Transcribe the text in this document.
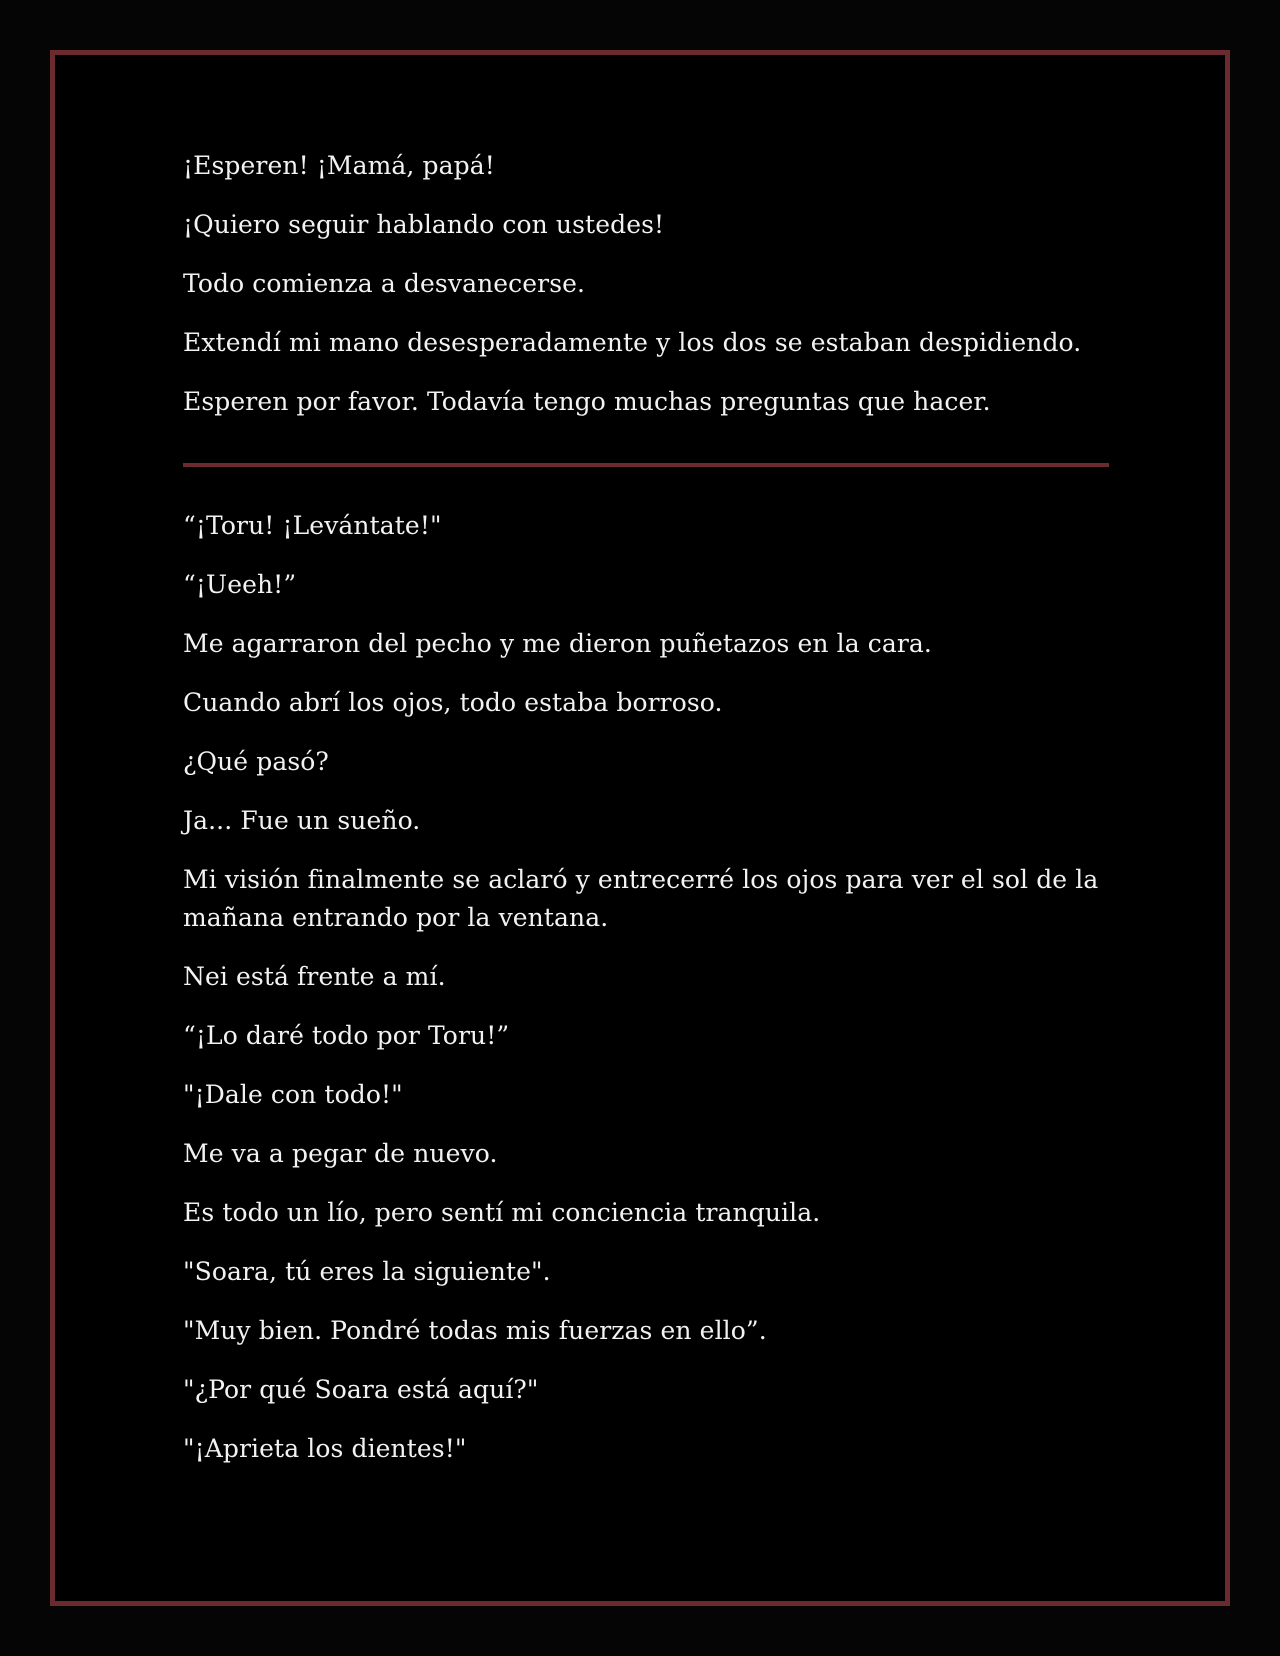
¡Esperen! ¡Mamá, papá!

¡Quiero seguir hablando con ustedes!

Todo comienza a desvanecerse.

Extendí mi mano desesperadamente y los dos se estaban despidiendo.

Esperen por favor. Todavía tengo muchas preguntas que hacer.

“¡Toru! ¡Levántate!"

“¡Ueeh!”

Me agarraron del pecho y me dieron puñetazos en la cara.

Cuando abrí los ojos, todo estaba borroso.

¿Qué pasó?

Ja... Fue un sueño.

Mi visión finalmente se aclaró y entrecerré los ojos para ver el sol de la mañana entrando por la ventana.

Nei está frente a mí.

“¡Lo daré todo por Toru!”

"¡Dale con todo!"

Me va a pegar de nuevo.

Es todo un lío, pero sentí mi conciencia tranquila.

"Soara, tú eres la siguiente".

"Muy bien. Pondré todas mis fuerzas en ello”.

"¿Por qué Soara está aquí?"

"¡Aprieta los dientes!"
